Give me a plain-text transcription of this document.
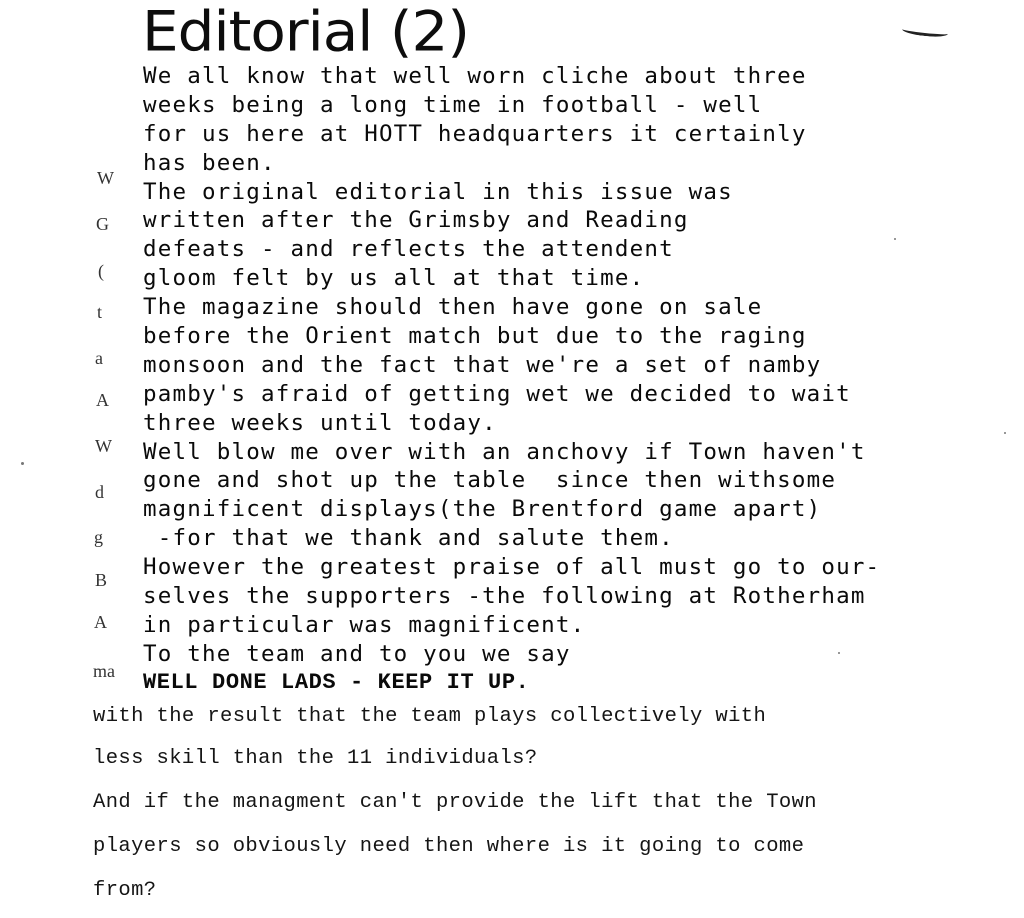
Editorial (2)
We all know that well worn cliche about three
weeks being a long time in football - well
for us here at HOTT headquarters it certainly
has been.
The original editorial in this issue was
written after the Grimsby and Reading
defeats - and reflects the attendent
gloom felt by us all at that time.
The magazine should then have gone on sale
before the Orient match but due to the raging
monsoon and the fact that we're a set of namby
pamby's afraid of getting wet we decided to wait
three weeks until today.
Well blow me over with an anchovy if Town haven't
gone and shot up the table  since then withsome
magnificent displays(the Brentford game apart)
-for that we thank and salute them.
However the greatest praise of all must go to our-
selves the supporters -the following at Rotherham
in particular was magnificent.
To the team and to you we say
WELL DONE LADS - KEEP IT UP.
W
G
(
t
a
A
W
d
g
B
A
ma
with the result that the team plays collectively with
less skill than the 11 individuals?
And if the managment can't provide the lift that the Town
players so obviously need then where is it going to come
from?
